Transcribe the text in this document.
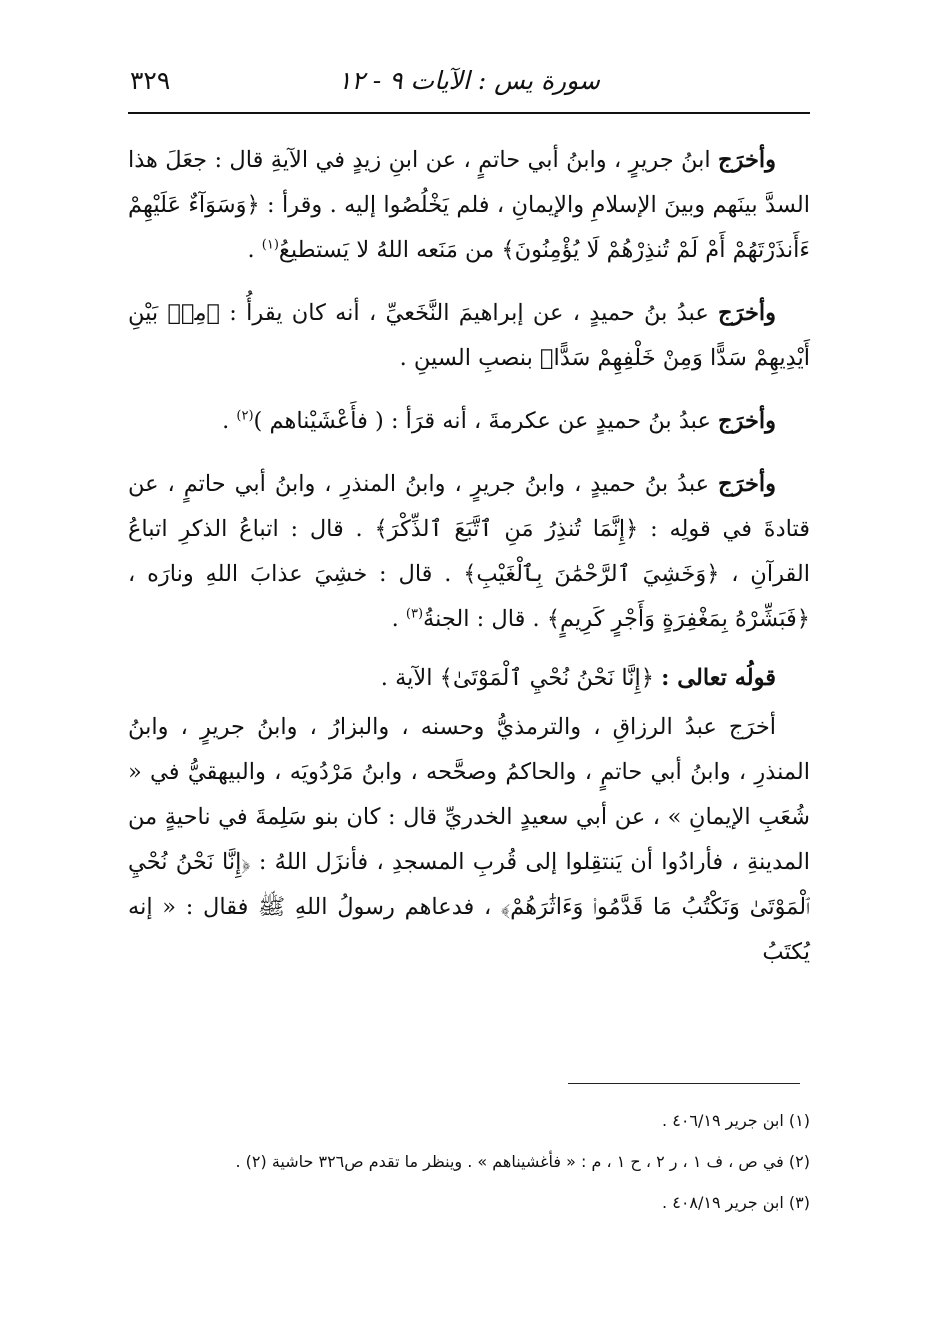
سورة يس : الآيات ٩ - ١٢
٣٢٩

وأخرَج ابنُ جريرٍ ، وابنُ أبي حاتمٍ ، عن ابنِ زيدٍ في الآيةِ قال : جعَلَ هذا السدَّ بينَهم وبينَ الإسلامِ والإيمانِ ، فلم يَخْلُصُوا إليه . وقرأ : ﴿وَسَوَآءٌ عَلَيْهِمْ ءَأَنذَرْتَهُمْ أَمْ لَمْ تُنذِرْهُمْ لَا يُؤْمِنُونَ﴾ من مَنَعه اللهُ لا يَستطيعُ$^{(١)}$ .

وأخرَج عبدُ بنُ حميدٍ ، عن إبراهيمَ النَّخَعيِّ ، أنه كان يقرأُ : ﴿مِنۢ بَيْنِ أَيْدِيهِمْ سَدًّا وَمِنْ خَلْفِهِمْ سَدًّا﴾ بنصبِ السينِ .

وأخرَج عبدُ بنُ حميدٍ عن عكرمةَ ، أنه قرَأ : ( فأَعْشَيْناهم )$^{(٢)}$ .

وأخرَج عبدُ بنُ حميدٍ ، وابنُ جريرٍ ، وابنُ المنذرِ ، وابنُ أبي حاتمٍ ، عن قتادةَ في قولِه : ﴿إِنَّمَا تُنذِرُ مَنِ ٱتَّبَعَ ٱلذِّكْرَ﴾ . قال : اتباعُ الذكرِ اتباعُ القرآنِ ، ﴿وَخَشِيَ ٱلرَّحْمَٰنَ بِٱلْغَيْبِ﴾ . قال : خشِيَ عذابَ اللهِ ونارَه ، ﴿فَبَشِّرْهُ بِمَغْفِرَةٍ وَأَجْرٍ كَرِيمٍ﴾ . قال : الجنةُ$^{(٣)}$ .

قولُه تعالى : ﴿إِنَّا نَحْنُ نُحْيِ ٱلْمَوْتَىٰ﴾ الآية .

أخرَج عبدُ الرزاقِ ، والترمذيُّ وحسنه ، والبزارُ ، وابنُ جريرٍ ، وابنُ المنذرِ ، وابنُ أبي حاتمٍ ، والحاكمُ وصحَّحه ، وابنُ مَرْدُويَه ، والبيهقيُّ في « شُعَبِ الإيمانِ » ، عن أبي سعيدٍ الخدريِّ قال : كان بنو سَلِمةَ في ناحيةٍ من المدينةِ ، فأرادُوا أن يَنتقِلوا إلى قُربِ المسجدِ ، فأنزَل اللهُ : ﴿إِنَّا نَحْنُ نُحْيِ ٱلْمَوْتَىٰ وَنَكْتُبُ مَا قَدَّمُوا۟ وَءَاثَٰرَهُمْ﴾ ، فدعاهم رسولُ اللهِ ﷺ فقال : « إنه يُكتَبُ

(١) ابن جرير ٤٠٦/١٩ .

(٢) في ص ، ف ١ ، ر ٢ ، ح ١ ، م : « فأغشيناهم » . وينظر ما تقدم ص٣٢٦ حاشية (٢) .

(٣) ابن جرير ٤٠٨/١٩ .
